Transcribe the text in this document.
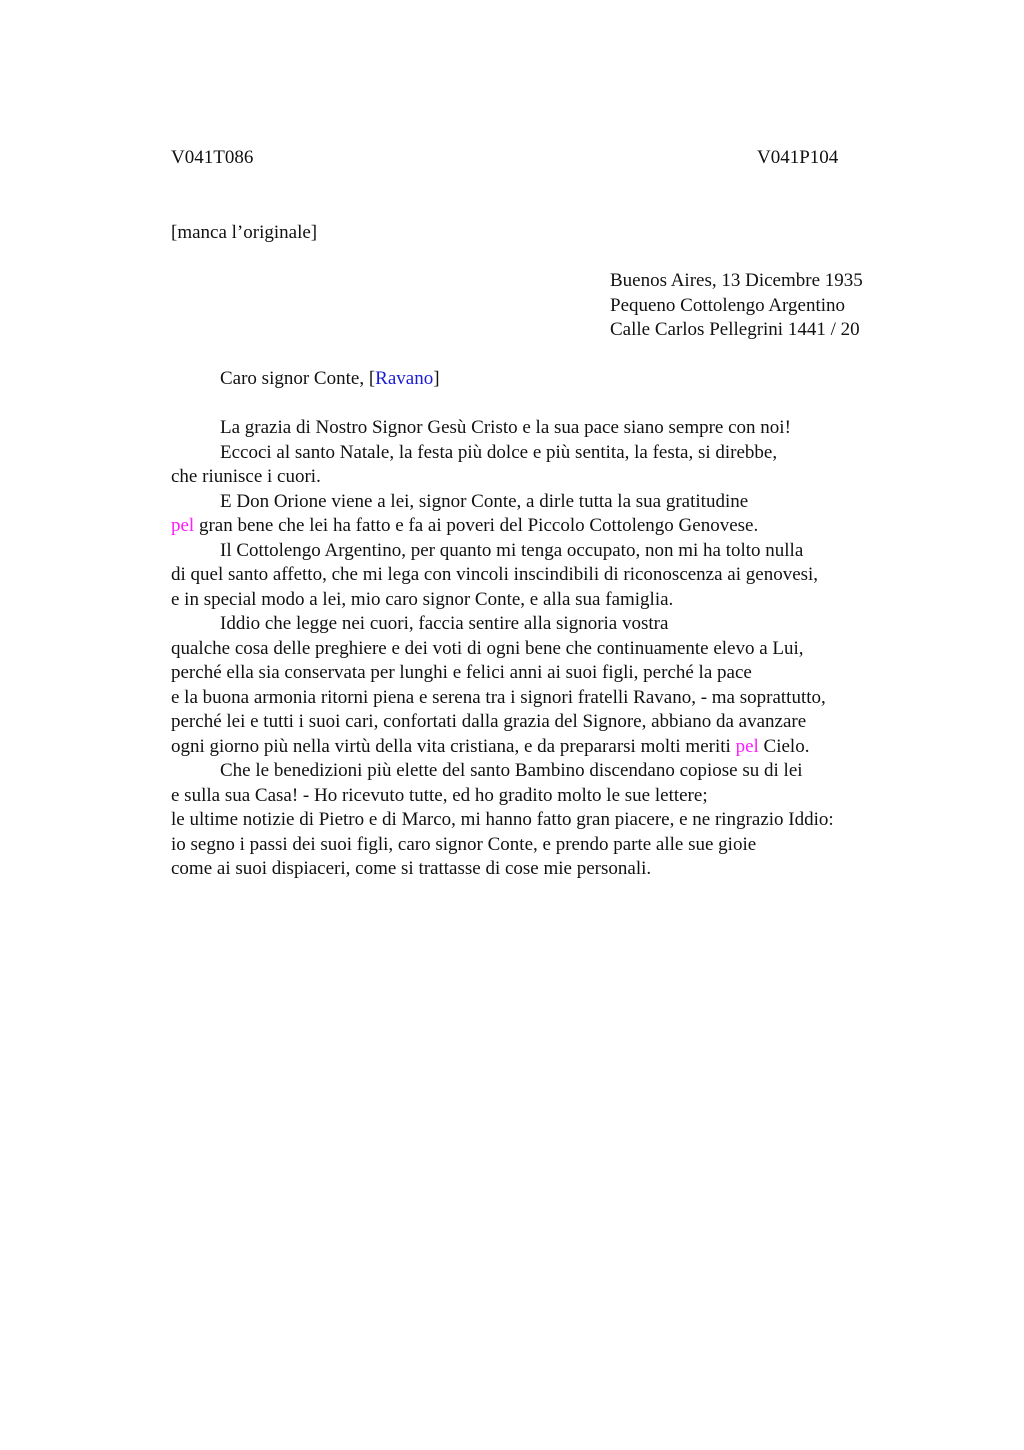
V041T086	V041P104
[manca l’originale]
Buenos Aires, 13 Dicembre 1935
Pequeno Cottolengo Argentino
Calle Carlos Pellegrini 1441 / 20
Caro signor Conte, [Ravano]
La grazia di Nostro Signor Gesù Cristo e la sua pace siano sempre con noi!
Eccoci al santo Natale, la festa più dolce e più sentita, la festa, si direbbe,
che riunisce i cuori.
E Don Orione viene a lei, signor Conte, a dirle tutta la sua gratitudine
pel gran bene che lei ha fatto e fa ai poveri del Piccolo Cottolengo Genovese.
Il Cottolengo Argentino, per quanto mi tenga occupato, non mi ha tolto nulla
di quel santo affetto, che mi lega con vincoli inscindibili di riconoscenza ai genovesi,
e in special modo a lei, mio caro signor Conte, e alla sua famiglia.
Iddio che legge nei cuori, faccia sentire alla signoria vostra
qualche cosa delle preghiere e dei voti di ogni bene che continuamente elevo a Lui,
perché ella sia conservata per lunghi e felici anni ai suoi figli, perché la pace
e la buona armonia ritorni piena e serena tra i signori fratelli Ravano, - ma soprattutto,
perché lei e tutti i suoi cari, confortati dalla grazia del Signore, abbiano da avanzare
ogni giorno più nella virtù della vita cristiana, e da prepararsi molti meriti pel Cielo.
Che le benedizioni più elette del santo Bambino discendano copiose su di lei
e sulla sua Casa! - Ho ricevuto tutte, ed ho gradito molto le sue lettere;
le ultime notizie di Pietro e di Marco, mi hanno fatto gran piacere, e ne ringrazio Iddio:
io segno i passi dei suoi figli, caro signor Conte, e prendo parte alle sue gioie
come ai suoi dispiaceri, come si trattasse di cose mie personali.
